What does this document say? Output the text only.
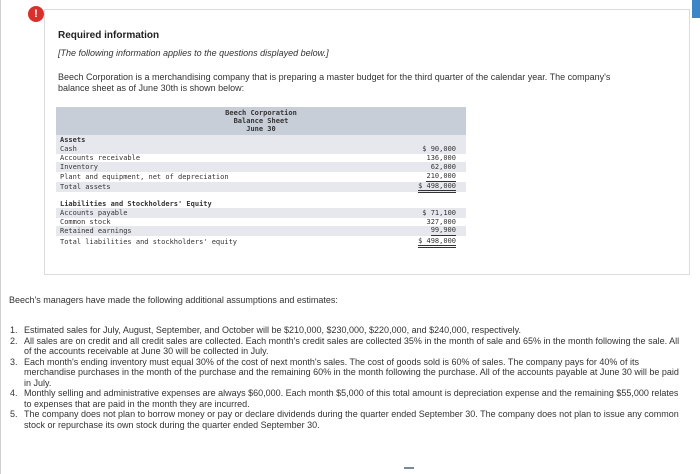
!
Required information
[The following information applies to the questions displayed below.]
Beech Corporation is a merchandising company that is preparing a master budget for the third quarter of the calendar year. The company's balance sheet as of June 30th is shown below:
Beech Corporation
Balance Sheet
June 30
Assets
Cash	$ 90,000
Accounts receivable	136,000
Inventory	62,000
Plant and equipment, net of depreciation	210,000
Total assets	$ 498,000
Liabilities and Stockholders' Equity
Accounts payable	$ 71,100
Common stock	327,000
Retained earnings	99,900
Total liabilities and stockholders' equity	$ 498,000
Beech's managers have made the following additional assumptions and estimates:
1. Estimated sales for July, August, September, and October will be $210,000, $230,000, $220,000, and $240,000, respectively.
2. All sales are on credit and all credit sales are collected. Each month's credit sales are collected 35% in the month of sale and 65% in the month following the sale. All of the accounts receivable at June 30 will be collected in July.
3. Each month's ending inventory must equal 30% of the cost of next month's sales. The cost of goods sold is 60% of sales. The company pays for 40% of its merchandise purchases in the month of the purchase and the remaining 60% in the month following the purchase. All of the accounts payable at June 30 will be paid in July.
4. Monthly selling and administrative expenses are always $60,000. Each month $5,000 of this total amount is depreciation expense and the remaining $55,000 relates to expenses that are paid in the month they are incurred.
5. The company does not plan to borrow money or pay or declare dividends during the quarter ended September 30. The company does not plan to issue any common stock or repurchase its own stock during the quarter ended September 30.
